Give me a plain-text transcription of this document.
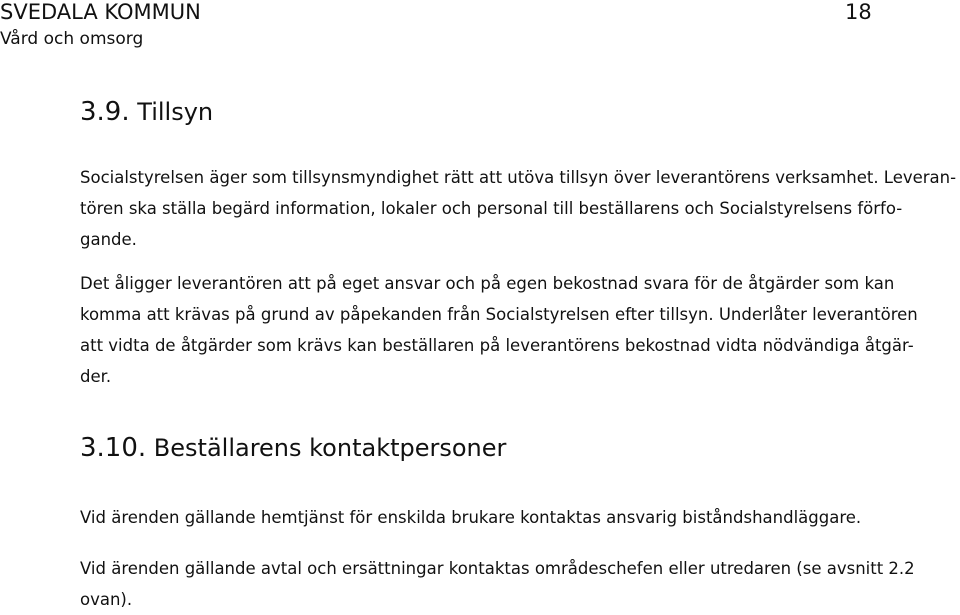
SVEDALA KOMMUN
Vård och omsorg
18
3.9. Tillsyn

Socialstyrelsen äger som tillsynsmyndighet rätt att utöva tillsyn över leverantörens verksamhet. Leveran-
tören ska ställa begärd information, lokaler och personal till beställarens och Socialstyrelsens förfo-
gande.

Det åligger leverantören att på eget ansvar och på egen bekostnad svara för de åtgärder som kan
komma att krävas på grund av påpekanden från Socialstyrelsen efter tillsyn. Underlåter leverantören
att vidta de åtgärder som krävs kan beställaren på leverantörens bekostnad vidta nödvändiga åtgär-
der.

3.10. Beställarens kontaktpersoner

Vid ärenden gällande hemtjänst för enskilda brukare kontaktas ansvarig biståndshandläggare.

Vid ärenden gällande avtal och ersättningar kontaktas områdeschefen eller utredaren (se avsnitt 2.2
ovan).
